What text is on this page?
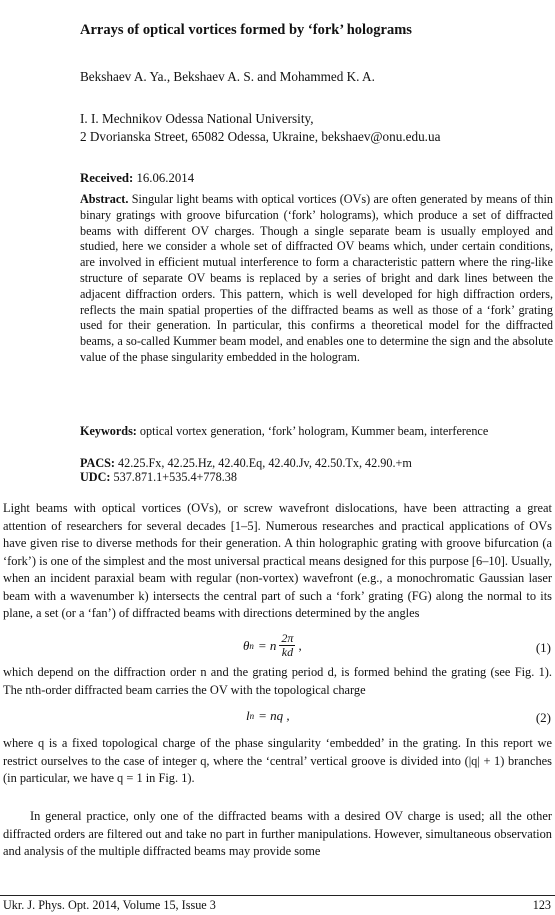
Arrays of optical vortices formed by ‘fork’ holograms
Bekshaev A. Ya., Bekshaev A. S. and Mohammed K. A.
I. I. Mechnikov Odessa National University,
2 Dvorianska Street, 65082 Odessa, Ukraine, bekshaev@onu.edu.ua
Received: 16.06.2014

Abstract. Singular light beams with optical vortices (OVs) are often generated by means of thin binary gratings with groove bifurcation (‘fork’ holograms), which produce a set of diffracted beams with different OV charges. Though a single separate beam is usually employed and studied, here we consider a whole set of diffracted OV beams which, under certain conditions, are involved in efficient mutual interference to form a characteristic pattern where the ring-like structure of separate OV beams is replaced by a series of bright and dark lines between the adjacent diffraction orders. This pattern, which is well developed for high diffraction orders, reflects the main spatial properties of the diffracted beams as well as those of a ‘fork’ grating used for their generation. In particular, this confirms a theoretical model for the diffracted beams, a so-called Kummer beam model, and enables one to determine the sign and the absolute value of the phase singularity embedded in the hologram.

Keywords: optical vortex generation, ‘fork’ hologram, Kummer beam, interference
PACS: 42.25.Fx, 42.25.Hz, 42.40.Eq, 42.40.Jv, 42.50.Tx, 42.90.+m
UDC: 537.871.1+535.4+778.38

Light beams with optical vortices (OVs), or screw wavefront dislocations, have been attracting a great attention of researchers for several decades [1–5]. Numerous researches and practical applications of OVs have given rise to diverse methods for their generation. A thin holographic grating with groove bifurcation (a ‘fork’) is one of the simplest and the most universal practical means designed for this purpose [6–10]. Usually, when an incident paraxial beam with regular (non-vortex) wavefront (e.g., a monochromatic Gaussian laser beam with a wavenumber k) intersects the central part of such a ‘fork’ grating (FG) along the normal to its plane, a set (or a ‘fan’) of diffracted beams with directions determined by the angles

θ n = n $\frac{2\pi}{kd}$ ,	(1)

which depend on the diffraction order n and the grating period d, is formed behind the grating (see Fig. 1). The nth-order diffracted beam carries the OV with the topological charge

l n = nq ,	(2)

where q is a fixed topological charge of the phase singularity ‘embedded’ in the grating. In this report we restrict ourselves to the case of integer q, where the ‘central’ vertical groove is divided into (|q| + 1) branches (in particular, we have q = 1 in Fig. 1).

In general practice, only one of the diffracted beams with a desired OV charge is used; all the other diffracted orders are filtered out and take no part in further manipulations. However, simultaneous observation and analysis of the multiple diffracted beams may provide some

Ukr. J. Phys. Opt. 2014, Volume 15, Issue 3	123
